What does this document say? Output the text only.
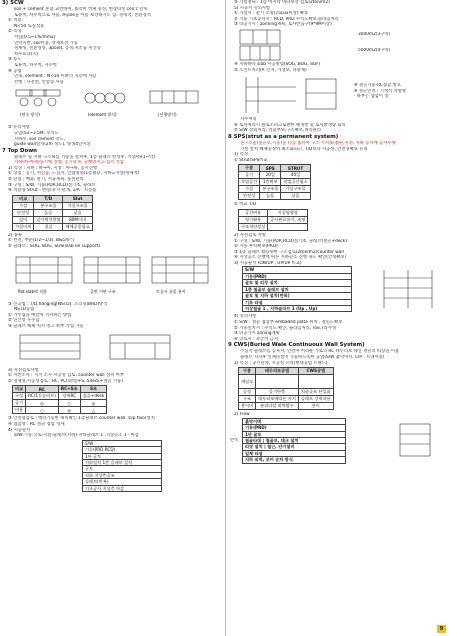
3) SCW
soil + cement 혼합 교반하여, 흙막이 벽체 형성, 현장타설 con'c 말뚝
토류벽, 차수벽으로 사용, H-pile을 이용 보강하기도 함. 경제적, 친환경적
① 적용
N<50 토질적용
② 특징
저렴(0.5~1%/mm2)
연약지반, soil이용, 강재보강 가능
경제성, 친환경성, 3point, 공정,저소음 저진동
차수효과(大)
③ 용도
토류벽, 차수벽, 지수벽
④ 공법
연속, element : N<50 이하의 지층에 사용
선행 : 사전천, 연암층 사용
(연속 방식)	(element 방식)	(선행방식)
⑤ 유의사항
규임(S1~3.5M, 수직도
지하수, soil cement 강도,
guide wall설치(2m 정도), 양생4일이상
7 Top Down
슬래브 및 지하 구조체를 기둥을 설치후, 1층 슬래브 완성후, 지상/하(1~약)
지하(하-아래)동시에 진행, 공기단축, 공해방지,도심지 적합
1) 특징 : 지하 : 하→아, 지상 : 아→하, 동시진행
① 장점 : 공기, 저진동, 도심지, 인접영향(1층활용, 지하=지상(경제적)
② 단점 : 배화, 환기, 시공계획, 품질관리
③ 구성 : S/W, 기둥(PDR,RCD)설기초, 슬래브
④ 적용성 Strut - 변형(유지 관계, 1/A · 지질틀
비교	T/D	Slut
가설	본구조물	가설구조물
안전성	높음	낮음
설비	일이채석방법	80M이내
가설비계	경감	해체공종필요
2) 종류
① 완전, 부분(1/2~1/3), B&G방식
② 슬래브 : SOG, BOG, SOS(slab on support)
flat slab에 적합	골반 기판 구조	토공사 쉬움 용이
③ 신공법 : T/D,hanging(NSTD), 조리형(BRD)방식
NSTD공법
① 거푸집을 매달아 지지하는 방법
② 연산성 우수함
③ 슬래브 해체 처지 앙고 하부 작업 가능
3) 사전검토사항
① 지반조사 : 지지 조사 시공성 검토, counter wall 설치 여부
② 경제성,시공성검토 : RC, PC(외벽)+S, 5deck+철골 기둥)
비교	RC	RC+S조	S조
구성	RC(1동슬라브)	강복RC	철골+deck
공기	◎	○	◎
비용	○	◎	△
③ 안전성검토 : 백타가능한 내력확인 1층슬래브 counter wall, slip floor설치
④ 접합성 : RC 철골 접합 성세
4) 시공순서
S/W-기등·굴토·지질·슬래브(지하)·지하슬래브 1 ,지상골조 1 · 마감
S/W
기둥(PRD,RCD)
1단 굴토
지하설치 1층 슬래브 설치
굴토
직하 지상층골조
슬래브(반복)
기초공사 지상층 마감
⑤ 가설정류 : 1층 마지막 바닥보강 검토(2ton/m2)
5) 시공시 유의사항
① 가설시 : 환기 조명(75Lux이상) 확보
② 기둥 기초공사시 : RCD, PRD 수직도확보,슬라임처리
③ 타공가시 : zonning계획, 토사반출구(9*9M이상)
3000m2(3구역)
5000m2(4구역)
④ 지하바닥 slab 시공방법(SOG, BOG, SOF)
⑤ 조인트처리(P. 안지, 가상보, 나중제)
※ 철골기둥-RC접합 방호
※ 철근연결 : 기계식 사항방
· 하부는 캡합이 상
지수처리
⑥ 토사처리시 클로조퍼크로판한 해개별 및 토사발생량 회의
⑦ S/W 강외처리, 역품부위,구조확보,계측관리
8 SPS(strut as a permanent system)
본구조물(철골보,기둥)을 터를 흙막이 구조 지지보(흙판,지성, 지하 동시에 공사수행
가설 설치 해체공정이 최소화되고, T/D보다 시공성, 안전성확보 유리
1) 특징
① Strut/SPS비교
구분	SPS	STRUT
공기	20일	40일
작업공간	1층확보	작업공간협소
가설	본구조물	가설구조물
안전성	높음	낮음
② 비교 T/D
공간여유	시공영향장
영가활용	공사완료용기, 조명
구조적안정성	
2) 사전검토 사항
① 구성 : S/W, 기둥(PDR,RCD)설기초, 슬래브(철골+deck)
② 기둥 후력확보(PRD)
③ 1층 슬래브 활용위한 구조검토(2ton/m2)counter wall
④ 지상공조 진행에 따른 지하골조 진행 속도 확인(안정확보)
3) 시공순서 (ON/UP , UP/UP 비교)
S/W
기둥(PRD)
굴토 및 띠장 설치
1층 철골보 슬래브 설치
굴토 및 지하 설치(반복)
기초 타설
지상철골 1 , 지하슬라브 1 (Up , Up)
4) 유의사항
① S/W : 철골 접합부 embaded plate 위치 , 정밀도확보
② 기둥설치시 : 수직도 확인, 슬라임처리, Toe그라우팅
③ 타공가시 zoning계획
④ 굴토시 : 과굴착 금지
9 CWS(Buried Wale Continuous Wall System)
주심지 슬래브를 공사시, 연결이 어려운 가로의 RC 테두리보 대신 철골의 띠장을 이용
슬래브 지지후 일체타설이 가능하도록한 공법(S/W 흙막이시, CIP : 트래이용)
1) 특징 : 공기단축, 시공성 유리(현대공법 트렌드)
구분	테두리보공법	CWS공법
개념도		
공정	공기단축	지하골조 단일화
구조	테두리보에따른 지지	슬래브 강력작용
용이비	분리타설 외벽방수	용이
2) Flow
반복
흙막이벽
기둥(PRD)
1단 굴토
철골타대 | 철골보, 데크 설치
띠장 설치 | 철근, 단기설비
일체 타설
지하 외벽, 코어 순차 방식
9
